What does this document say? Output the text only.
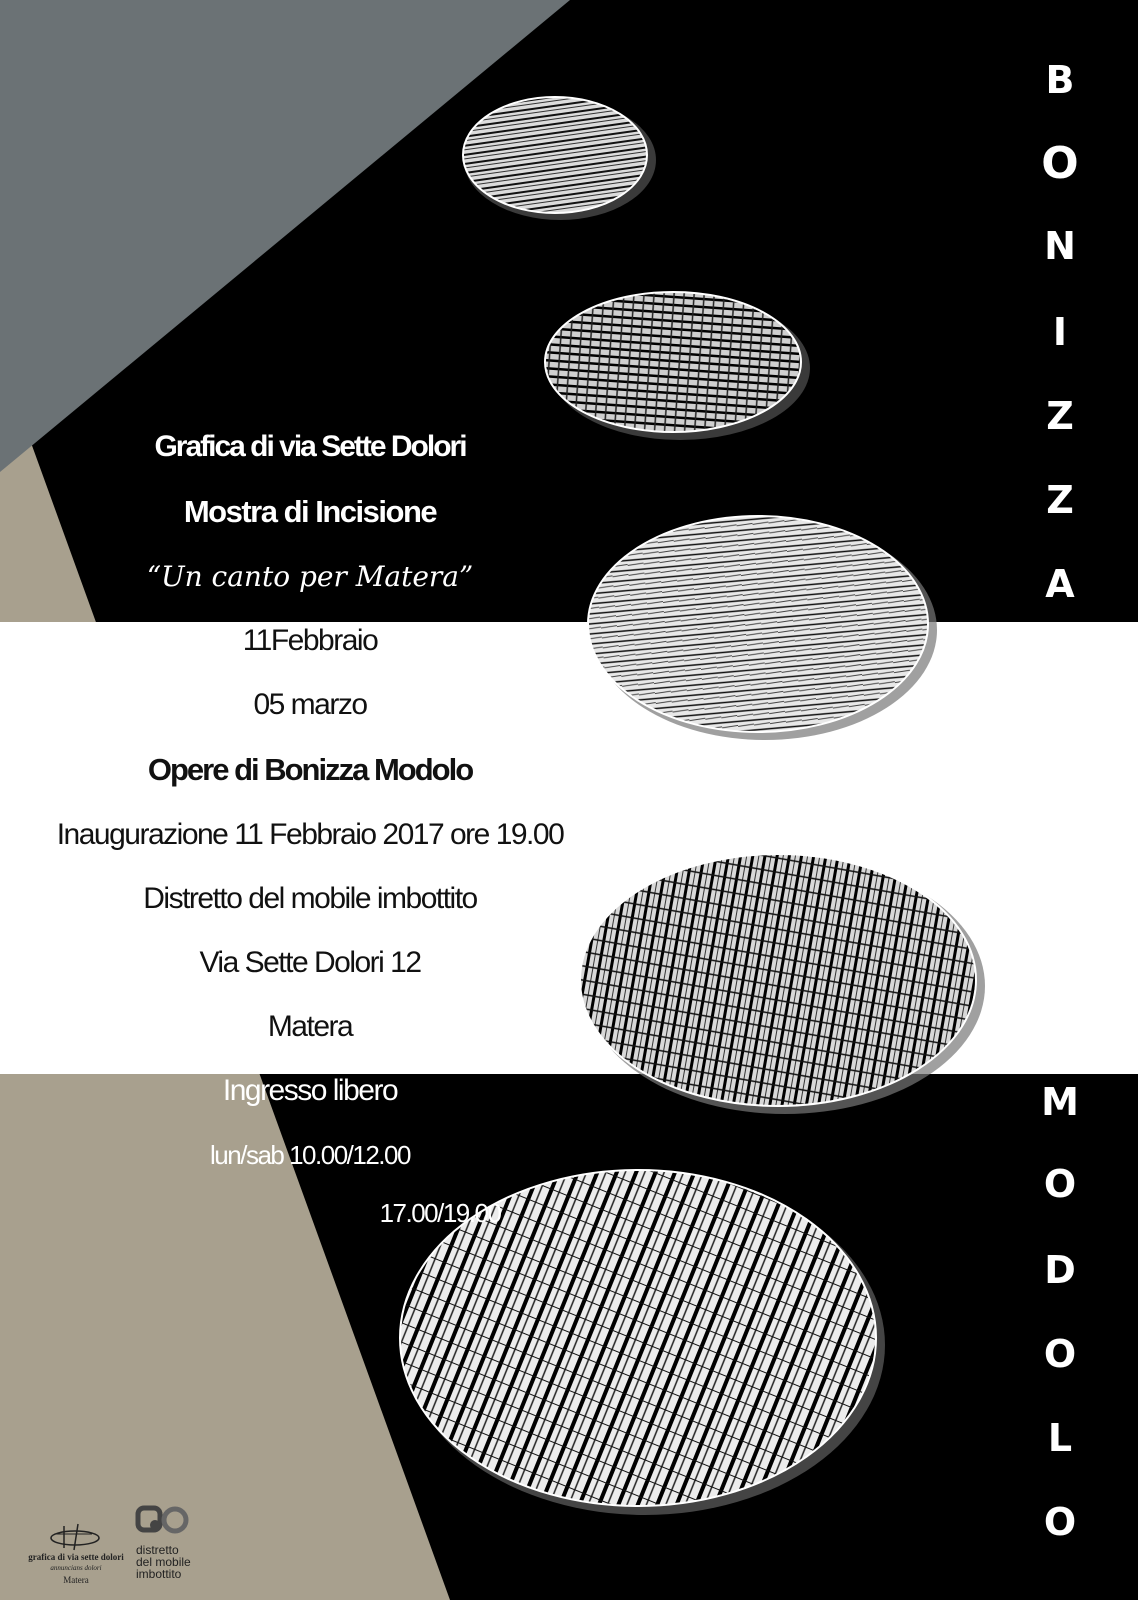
Grafica di via Sette Dolori
Mostra di Incisione
“Un canto per Matera”
11Febbraio
05 marzo
Opere di Bonizza Modolo
Inaugurazione 11 Febbraio 2017 ore 19.00
Distretto del mobile imbottito
Via Sette Dolori 12
Matera
Ingresso libero
lun/sab 10.00/12.00
17.00/19.00
B
O
N
I
Z
Z
A
M
O
D
O
L
O
grafica di via sette dolori
annuncians dolori
Matera
distretto
del mobile
imbottito
